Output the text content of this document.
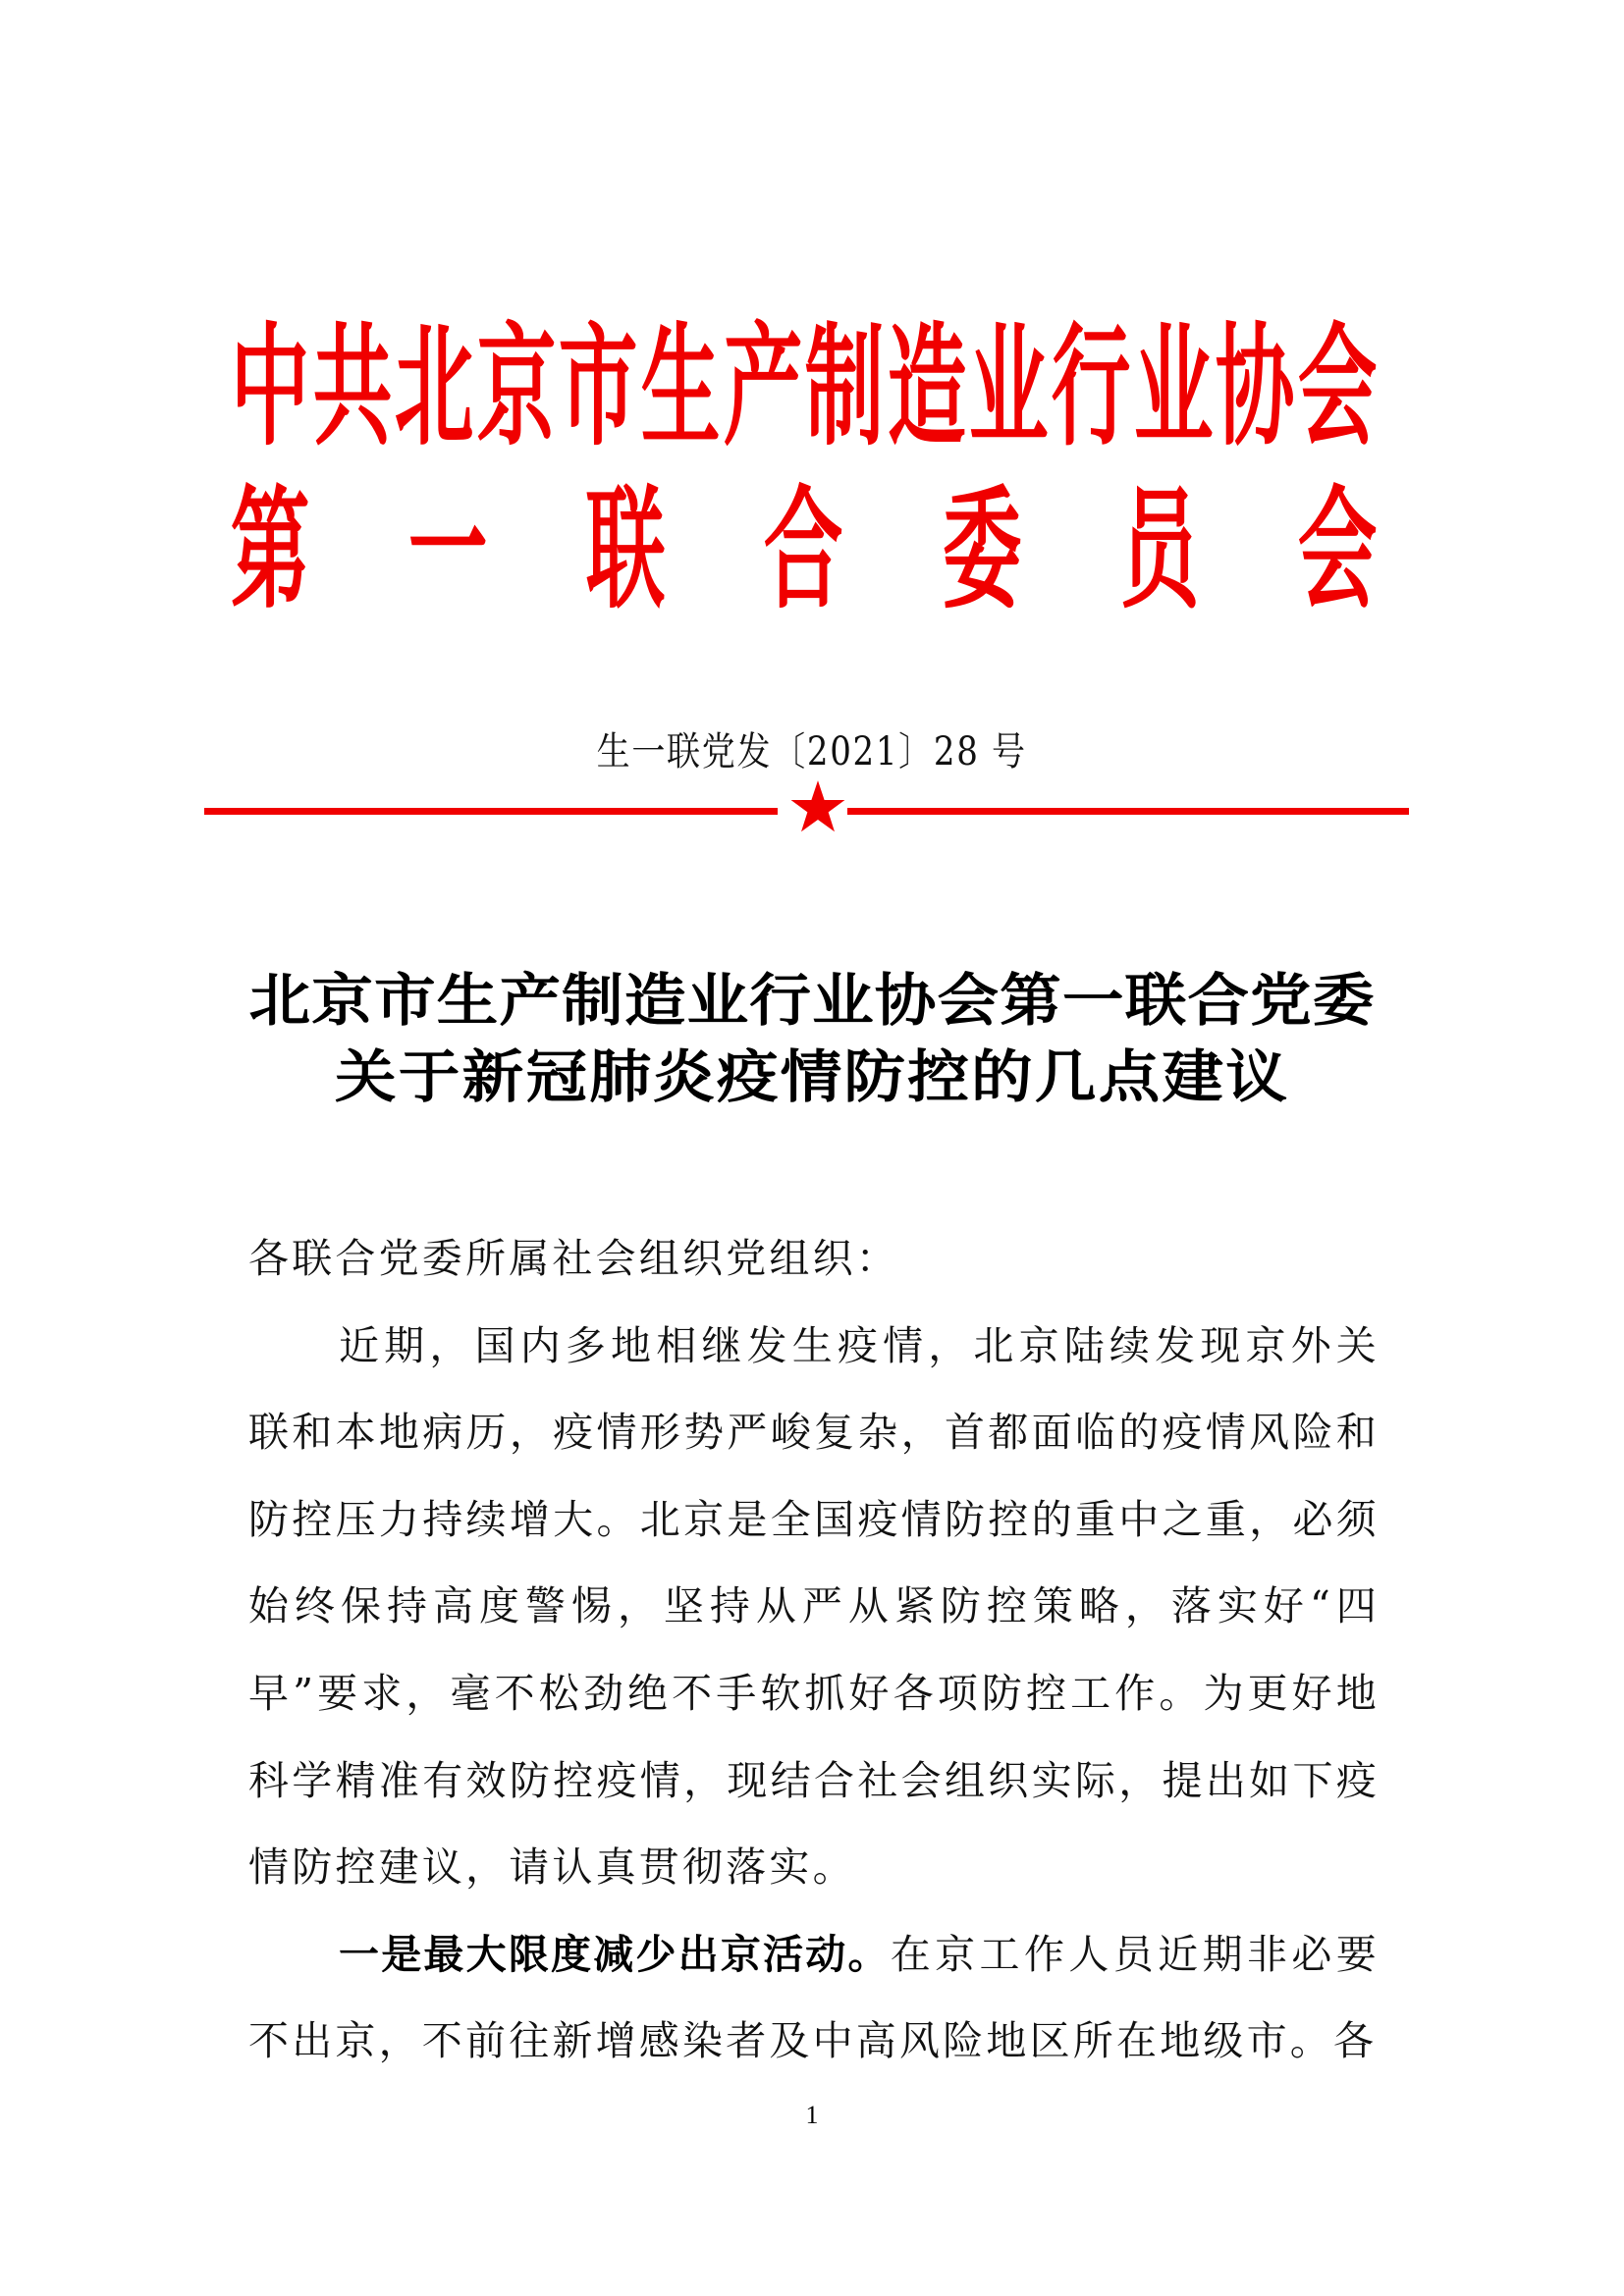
中 共 北 京 市 生 产 制 造 业 行 业 协 会
第 一 联 合 委 员 会
生一联党发〔2021〕28 号
北京市生产制造业行业协会第一联合党委
关于新冠肺炎疫情防控的几点建议

各联合党委所属社会组织党组织：

近期，国内多地相继发生疫情，北京陆续发现京外关联和本地病历，疫情形势严峻复杂，首都面临的疫情风险和防控压力持续增大。北京是全国疫情防控的重中之重，必须始终保持高度警惕，坚持从严从紧防控策略，落实好“四早”要求，毫不松劲绝不手软抓好各项防控工作。为更好地科学精准有效防控疫情，现结合社会组织实际，提出如下疫情防控建议，请认真贯彻落实。

一是最大限度减少出京活动。在京工作人员近期非必要不出京，不前往新增感染者及中高风险地区所在地级市。各

1
